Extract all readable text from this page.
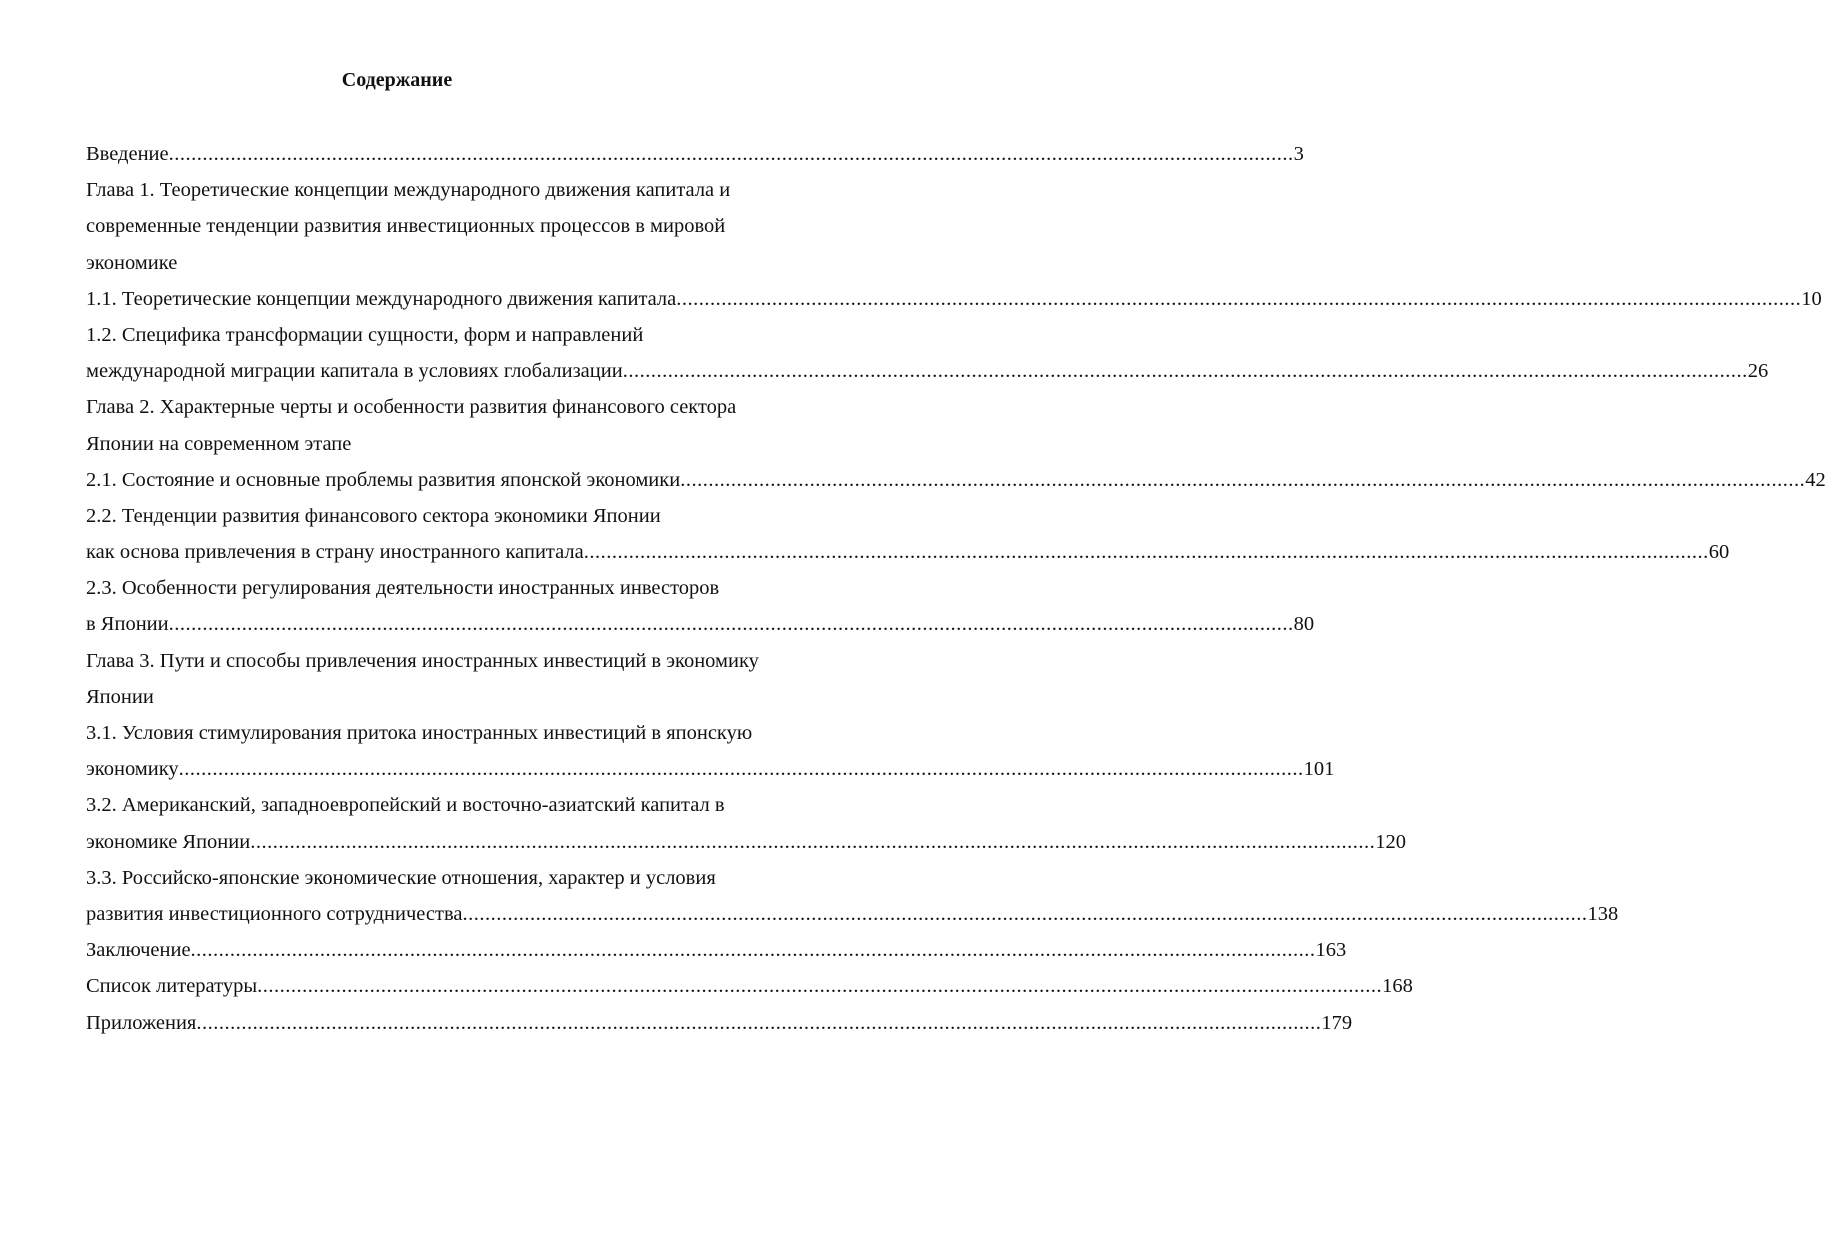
Содержание
Введение ........................................................................................................................................................................................................ 3
Глава 1. Теоретические концепции международного движения капитала и
современные тенденции развития инвестиционных процессов в мировой
экономике
1.1. Теоретические концепции международного движения капитала ........................................................................................................................................................................................................ 10
1.2. Специфика трансформации сущности, форм и направлений
международной миграции капитала в условиях глобализации ........................................................................................................................................................................................................ 26
Глава 2. Характерные черты и особенности развития финансового сектора
Японии на современном этапе
2.1. Состояние и основные проблемы развития японской экономики ........................................................................................................................................................................................................ 42
2.2. Тенденции развития финансового сектора экономики Японии
как основа привлечения в страну иностранного капитала ........................................................................................................................................................................................................ 60
2.3. Особенности регулирования деятельности иностранных инвесторов
в Японии ........................................................................................................................................................................................................ 80
Глава 3. Пути и способы привлечения иностранных инвестиций в экономику
Японии
3.1. Условия стимулирования притока иностранных инвестиций в японскую
экономику ........................................................................................................................................................................................................ 101
3.2. Американский, западноевропейский и восточно-азиатский капитал в
экономике Японии ........................................................................................................................................................................................................ 120
3.3. Российско-японские экономические отношения, характер и условия
развития инвестиционного сотрудничества ........................................................................................................................................................................................................ 138
Заключение ........................................................................................................................................................................................................ 163
Список литературы ........................................................................................................................................................................................................ 168
Приложения ........................................................................................................................................................................................................ 179
